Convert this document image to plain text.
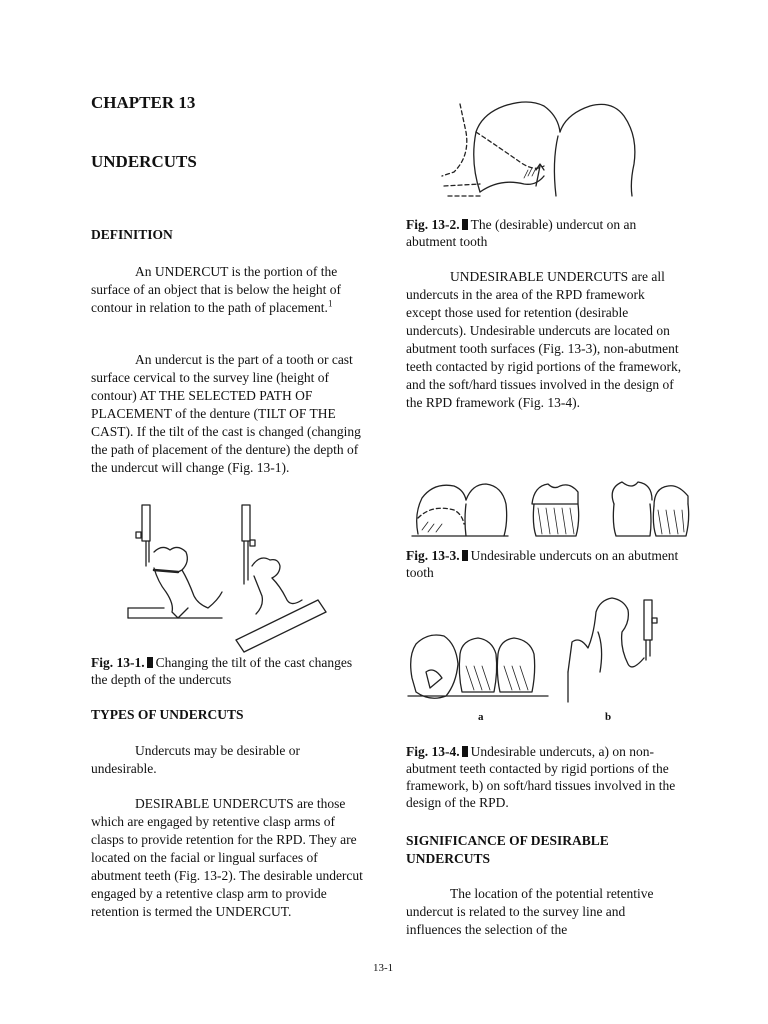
CHAPTER 13
UNDERCUTS
DEFINITION
An UNDERCUT is the portion of the surface of an object that is below the height of contour in relation to the path of placement.$^1$
An undercut is the part of a tooth or cast surface cervical to the survey line (height of contour) AT THE SELECTED PATH OF PLACEMENT of the denture (TILT OF THE CAST). If the tilt of the cast is changed (changing the path of placement of the denture) the depth of the undercut will change (Fig. 13-1).
Fig. 13-1. Changing the tilt of the cast changes the depth of the undercuts
TYPES OF UNDERCUTS
Undercuts may be desirable or undesirable.
DESIRABLE UNDERCUTS are those which are engaged by retentive clasp arms of clasps to provide retention for the RPD. They are located on the facial or lingual surfaces of abutment teeth (Fig. 13-2). The desirable undercut engaged by a retentive clasp arm to provide retention is termed the UNDERCUT.
Fig. 13-2. The (desirable) undercut on an abutment tooth
UNDESIRABLE UNDERCUTS are all undercuts in the area of the RPD framework except those used for retention (desirable undercuts). Undesirable undercuts are located on abutment tooth surfaces (Fig. 13-3), non-abutment teeth contacted by rigid portions of the framework, and the soft/hard tissues involved in the design of the RPD framework (Fig. 13-4).
Fig. 13-3. Undesirable undercuts on an abutment tooth
a	b
Fig. 13-4. Undesirable undercuts, a) on non-abutment teeth contacted by rigid portions of the framework, b) on soft/hard tissues involved in the design of the RPD.
SIGNIFICANCE OF DESIRABLE UNDERCUTS
The location of the potential retentive undercut is related to the survey line and influences the selection of the
13-1
